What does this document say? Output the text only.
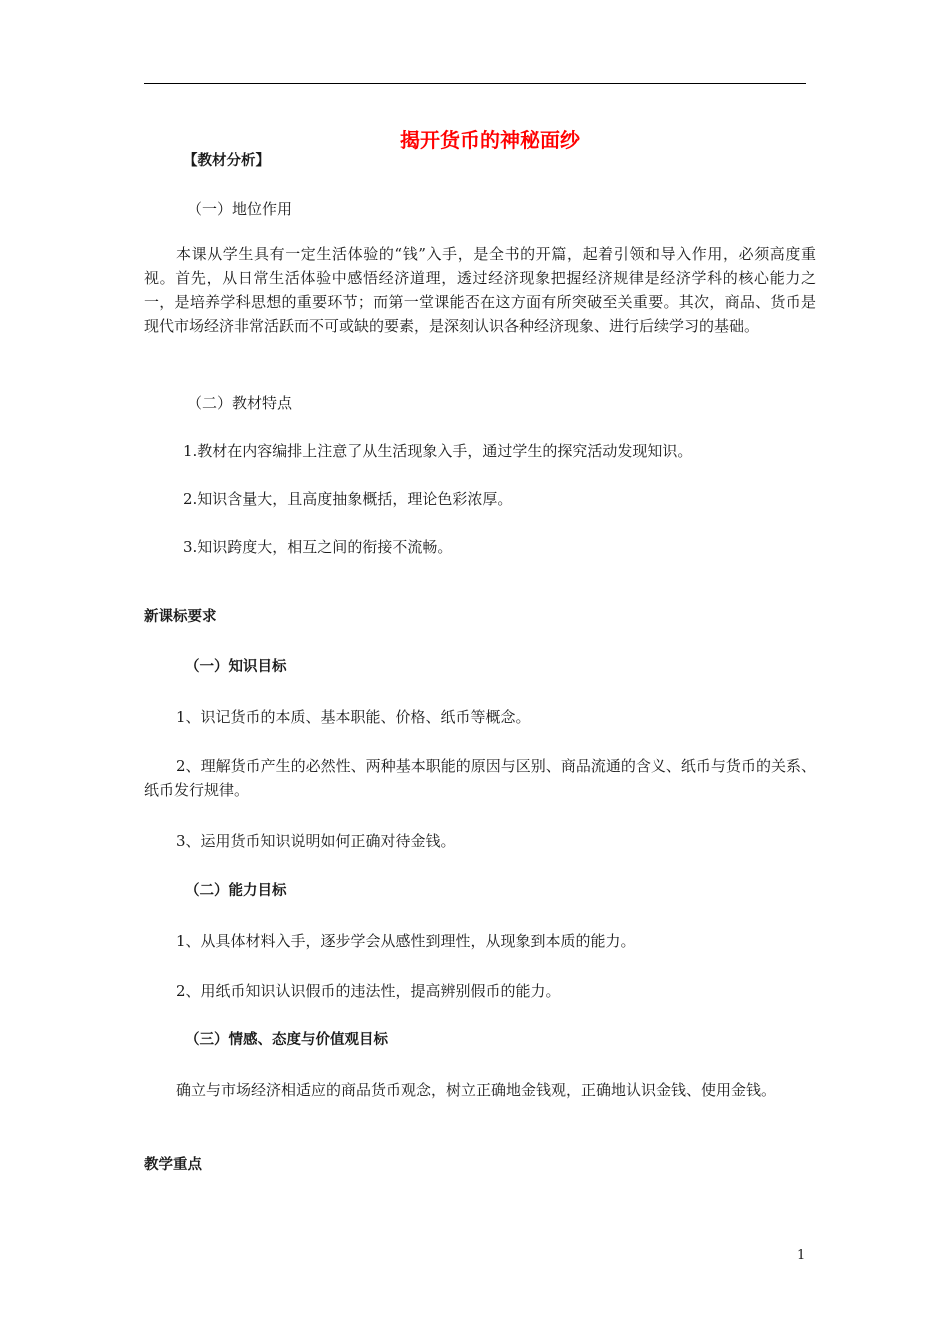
揭开货币的神秘面纱
【教材分析】
（一）地位作用
本课从学生具有一定生活体验的“钱”入手，是全书的开篇，起着引领和导入作用，必须高度重视。首先，从日常生活体验中感悟经济道理，透过经济现象把握经济规律是经济学科的核心能力之一，是培养学科思想的重要环节；而第一堂课能否在这方面有所突破至关重要。其次，商品、货币是现代市场经济非常活跃而不可或缺的要素，是深刻认识各种经济现象、进行后续学习的基础。
（二）教材特点
1.教材在内容编排上注意了从生活现象入手，通过学生的探究活动发现知识。
2.知识含量大，且高度抽象概括，理论色彩浓厚。
3.知识跨度大，相互之间的衔接不流畅。
新课标要求
（一）知识目标
1、识记货币的本质、基本职能、价格、纸币等概念。
2、理解货币产生的必然性、两种基本职能的原因与区别、商品流通的含义、纸币与货币的关系、纸币发行规律。
3、运用货币知识说明如何正确对待金钱。
（二）能力目标
1、从具体材料入手，逐步学会从感性到理性，从现象到本质的能力。
2、用纸币知识认识假币的违法性，提高辨别假币的能力。
（三）情感、态度与价值观目标
确立与市场经济相适应的商品货币观念，树立正确地金钱观，正确地认识金钱、使用金钱。
教学重点
1
